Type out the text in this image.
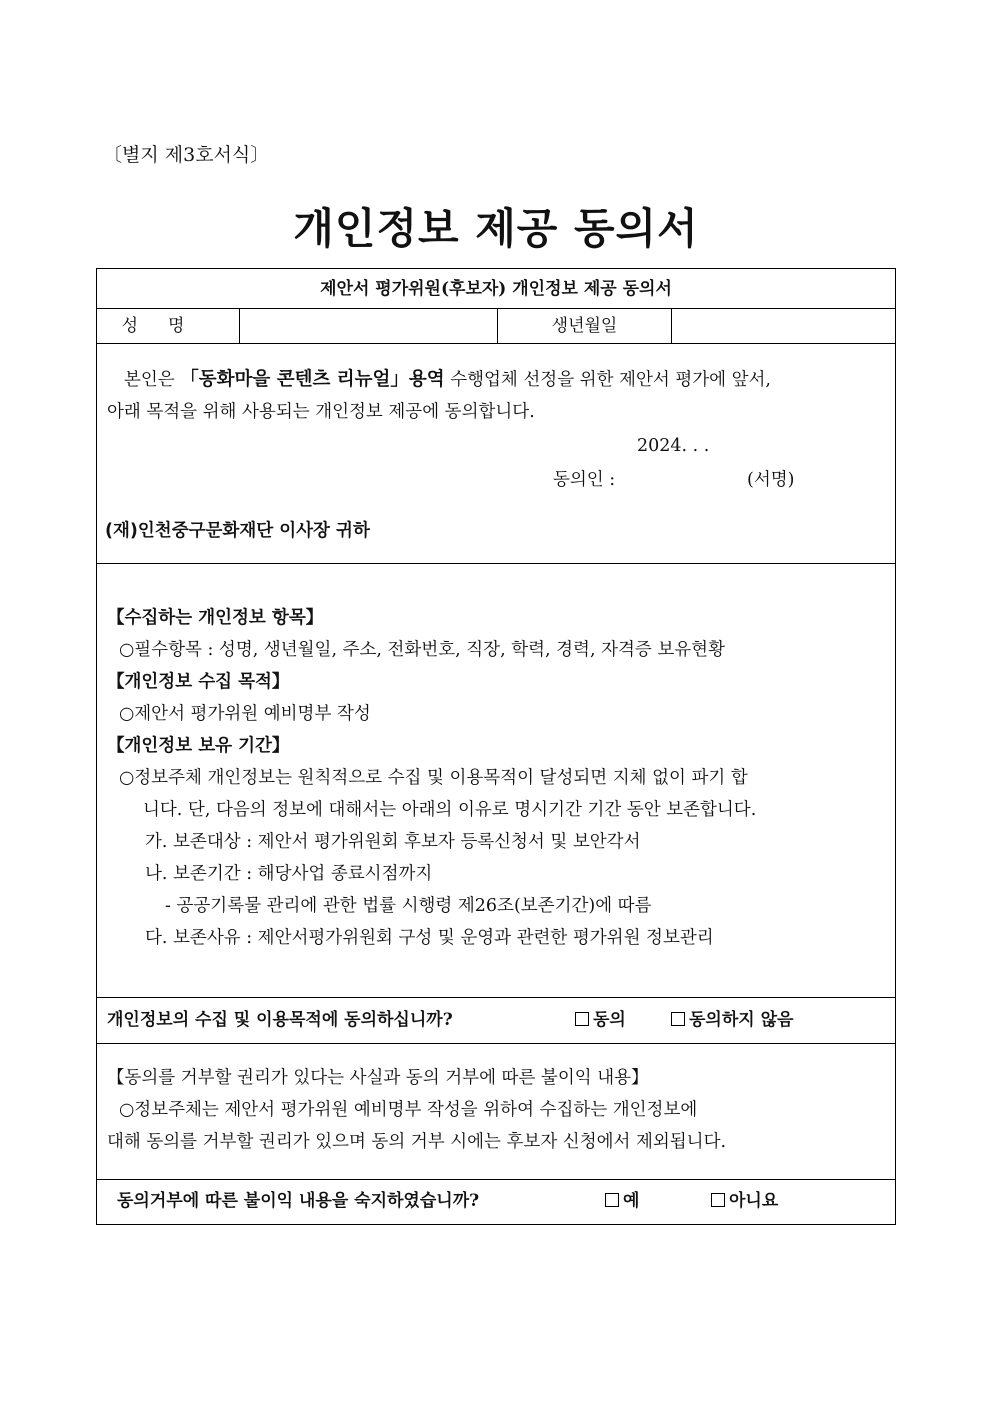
〔별지 제3호서식〕
개인정보 제공 동의서
제안서 평가위원(후보자) 개인정보 제공 동의서
성명	생년월일
본인은 「동화마을 콘텐츠 리뉴얼」용역 수행업체 선정을 위한 제안서 평가에 앞서,
아래 목적을 위해 사용되는 개인정보 제공에 동의합니다.
2024. . .
동의인 :	(서명)
(재)인천중구문화재단 이사장 귀하
【수집하는 개인정보 항목】
○필수항목 : 성명, 생년월일, 주소, 전화번호, 직장, 학력, 경력, 자격증 보유현황
【개인정보 수집 목적】
○제안서 평가위원 예비명부 작성
【개인정보 보유 기간】
○정보주체 개인정보는 원칙적으로 수집 및 이용목적이 달성되면 지체 없이 파기 합
니다. 단, 다음의 정보에 대해서는 아래의 이유로 명시기간 기간 동안 보존합니다.
가. 보존대상 : 제안서 평가위원회 후보자 등록신청서 및 보안각서
나. 보존기간 : 해당사업 종료시점까지
- 공공기록물 관리에 관한 법률 시행령 제26조(보존기간)에 따름
다. 보존사유 : 제안서평가위원회 구성 및 운영과 관련한 평가위원 정보관리
개인정보의 수집 및 이용목적에 동의하십니까?	동의	동의하지 않음
【동의를 거부할 권리가 있다는 사실과 동의 거부에 따른 불이익 내용】
○정보주체는 제안서 평가위원 예비명부 작성을 위하여 수집하는 개인정보에
대해 동의를 거부할 권리가 있으며 동의 거부 시에는 후보자 신청에서 제외됩니다.
동의거부에 따른 불이익 내용을 숙지하였습니까?	예	아니요
